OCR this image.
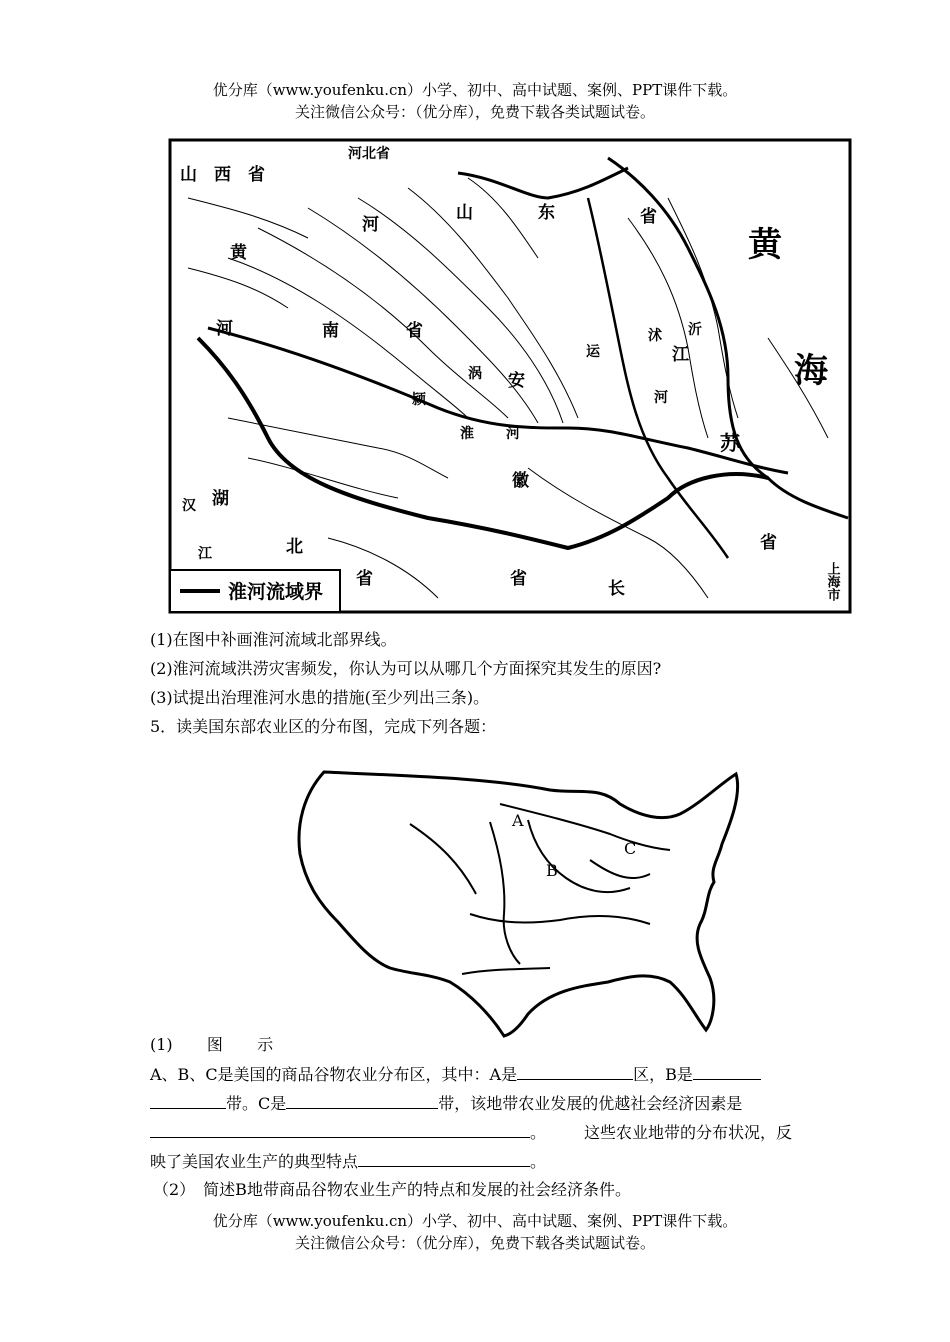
优分库（www.youfenku.cn）小学、初中、高中试题、案例、PPT课件下载。
关注微信公众号：（优分库），免费下载各类试题试卷。
淮河流域界
山　西　省
河北省
河
黄
河	南	省
山	东	省
黄
海
江
苏
省
安
徽
湖
北
省
汉
江
省	长	上海市
淮 河
颍
涡
运
河
沭 沂
(1)在图中补画淮河流域北部界线。
(2)淮河流域洪涝灾害频发，你认为可以从哪几个方面探究其发生的原因?
(3)试提出治理淮河水患的措施(至少列出三条)。
5．读美国东部农业区的分布图，完成下列各题：
A
B
C
(1) 图 示
A、B、C是美国的商品谷物农业分布区，其中：A是	区，B是
带。C是	带，该地带农业发展的优越社会经济因素是
。 这些农业地带的分布状况，反
映了美国农业生产的典型特点	。
（2）　简述B地带商品谷物农业生产的特点和发展的社会经济条件。
优分库（www.youfenku.cn）小学、初中、高中试题、案例、PPT课件下载。
关注微信公众号：（优分库），免费下载各类试题试卷。
